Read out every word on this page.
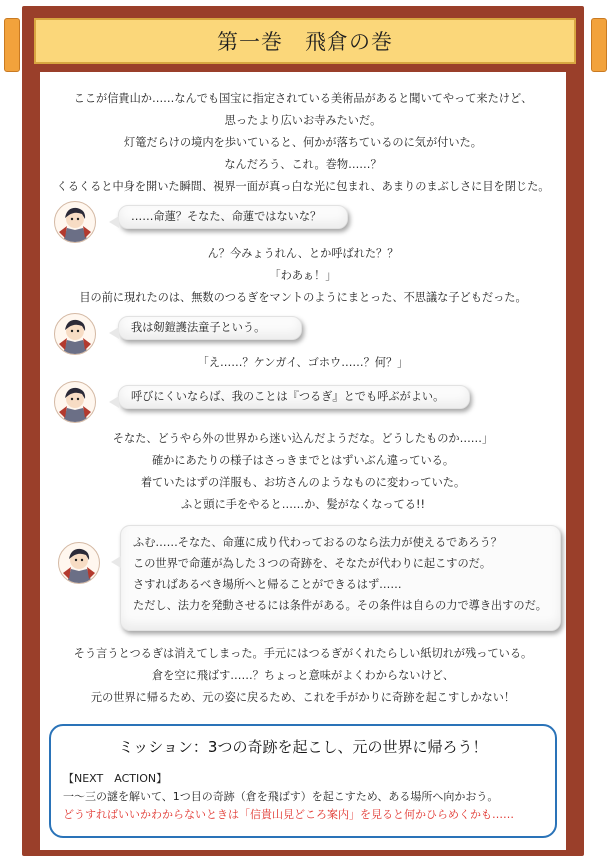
第一巻　飛倉の巻
ここが信貴山か……なんでも国宝に指定されている美術品があると聞いてやって来たけど、
思ったより広いお寺みたいだ。
灯篭だらけの境内を歩いていると、何かが落ちているのに気が付いた。
なんだろう、これ。巻物……？
くるくると中身を開いた瞬間、視界一面が真っ白な光に包まれ、あまりのまぶしさに目を閉じた。
……命蓮？そなた、命蓮ではないな？
ん？今みょうれん、とか呼ばれた？？
「わあぁ！」
目の前に現れたのは、無数のつるぎをマントのようにまとった、不思議な子どもだった。
我は剱鎧護法童子という。
「え……？ケンガイ、ゴホウ……？何？」
呼びにくいならば、我のことは『つるぎ』とでも呼ぶがよい。
そなた、どうやら外の世界から迷い込んだようだな。どうしたものか……」
確かにあたりの様子はさっきまでとはずいぶん違っている。
着ていたはずの洋服も、お坊さんのようなものに変わっていた。
ふと頭に手をやると……か、髪がなくなってる!!
ふむ……そなた、命蓮に成り代わっておるのなら法力が使えるであろう？
この世界で命蓮が為した３つの奇跡を、そなたが代わりに起こすのだ。
さすればあるべき場所へと帰ることができるはず……
ただし、法力を発動させるには条件がある。その条件は自らの力で導き出すのだ。
そう言うとつるぎは消えてしまった。手元にはつるぎがくれたらしい紙切れが残っている。
倉を空に飛ばす……？ちょっと意味がよくわからないけど、
元の世界に帰るため、元の姿に戻るため、これを手がかりに奇跡を起こすしかない！
ミッション：3つの奇跡を起こし、元の世界に帰ろう！
【NEXT　ACTION】
一～三の謎を解いて、1つ目の奇跡（倉を飛ばす）を起こすため、ある場所へ向かおう。
どうすればいいかわからないときは「信貴山見どころ案内」を見ると何かひらめくかも……
